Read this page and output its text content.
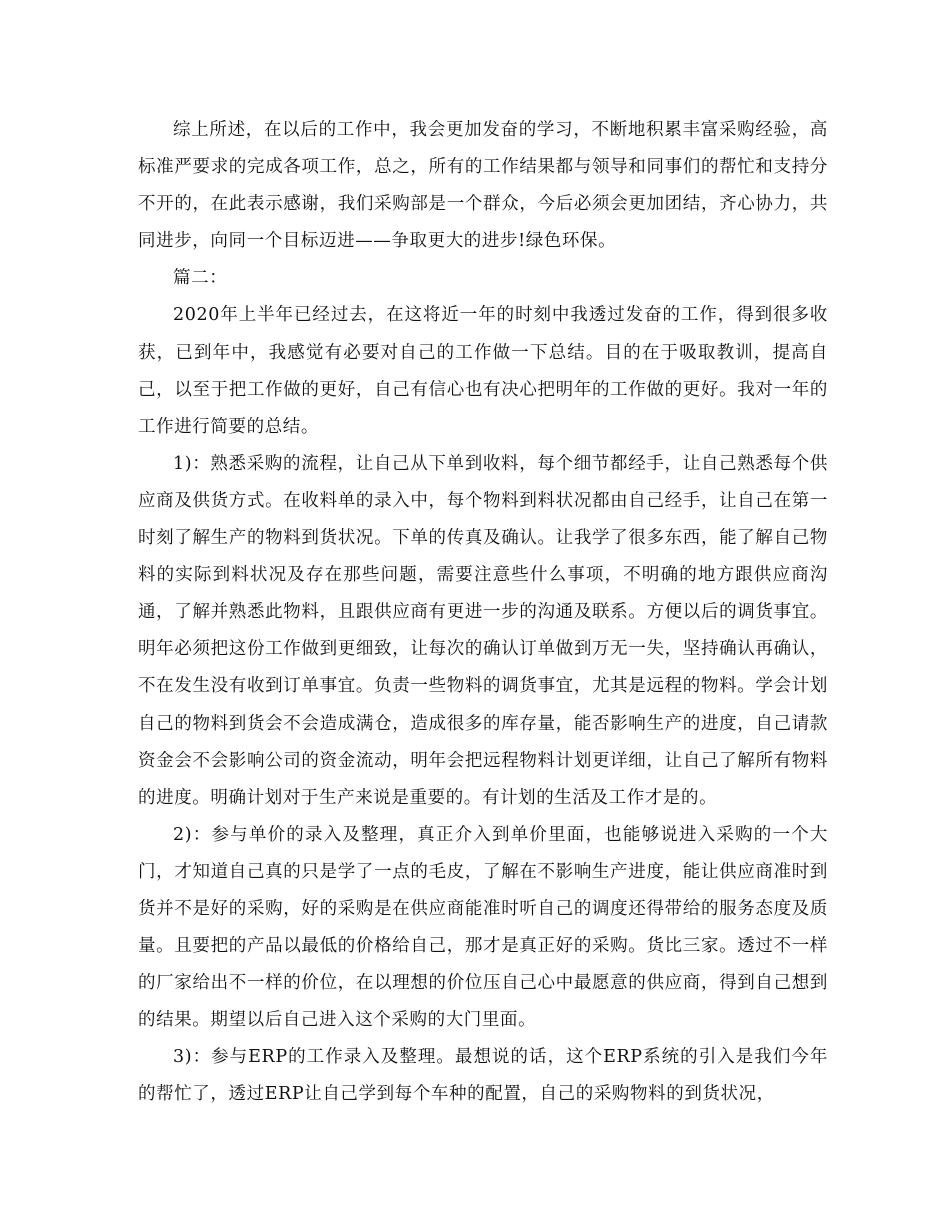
综上所述，在以后的工作中，我会更加发奋的学习，不断地积累丰富采购经验，高标准严要求的完成各项工作，总之，所有的工作结果都与领导和同事们的帮忙和支持分不开的，在此表示感谢，我们采购部是一个群众，今后必须会更加团结，齐心协力，共同进步，向同一个目标迈进——争取更大的进步!绿色环保。

篇二：

2020年上半年已经过去，在这将近一年的时刻中我透过发奋的工作，得到很多收获，已到年中，我感觉有必要对自己的工作做一下总结。目的在于吸取教训，提高自己，以至于把工作做的更好，自己有信心也有决心把明年的工作做的更好。我对一年的工作进行简要的总结。

1)：熟悉采购的流程，让自己从下单到收料，每个细节都经手，让自己熟悉每个供应商及供货方式。在收料单的录入中，每个物料到料状况都由自己经手，让自己在第一时刻了解生产的物料到货状况。下单的传真及确认。让我学了很多东西，能了解自己物料的实际到料状况及存在那些问题，需要注意些什么事项，不明确的地方跟供应商沟通，了解并熟悉此物料，且跟供应商有更进一步的沟通及联系。方便以后的调货事宜。明年必须把这份工作做到更细致，让每次的确认订单做到万无一失，坚持确认再确认，不在发生没有收到订单事宜。负责一些物料的调货事宜，尤其是远程的物料。学会计划自己的物料到货会不会造成满仓，造成很多的库存量，能否影响生产的进度，自己请款资金会不会影响公司的资金流动，明年会把远程物料计划更详细，让自己了解所有物料的进度。明确计划对于生产来说是重要的。有计划的生活及工作才是的。

2)：参与单价的录入及整理，真正介入到单价里面，也能够说进入采购的一个大门，才知道自己真的只是学了一点的毛皮，了解在不影响生产进度，能让供应商准时到货并不是好的采购，好的采购是在供应商能准时听自己的调度还得带给的服务态度及质量。且要把的产品以最低的价格给自己，那才是真正好的采购。货比三家。透过不一样的厂家给出不一样的价位，在以理想的价位压自己心中最愿意的供应商，得到自己想到的结果。期望以后自己进入这个采购的大门里面。

3)：参与ERP的工作录入及整理。最想说的话，这个ERP系统的引入是我们今年的帮忙了，透过ERP让自己学到每个车种的配置，自己的采购物料的到货状况，
